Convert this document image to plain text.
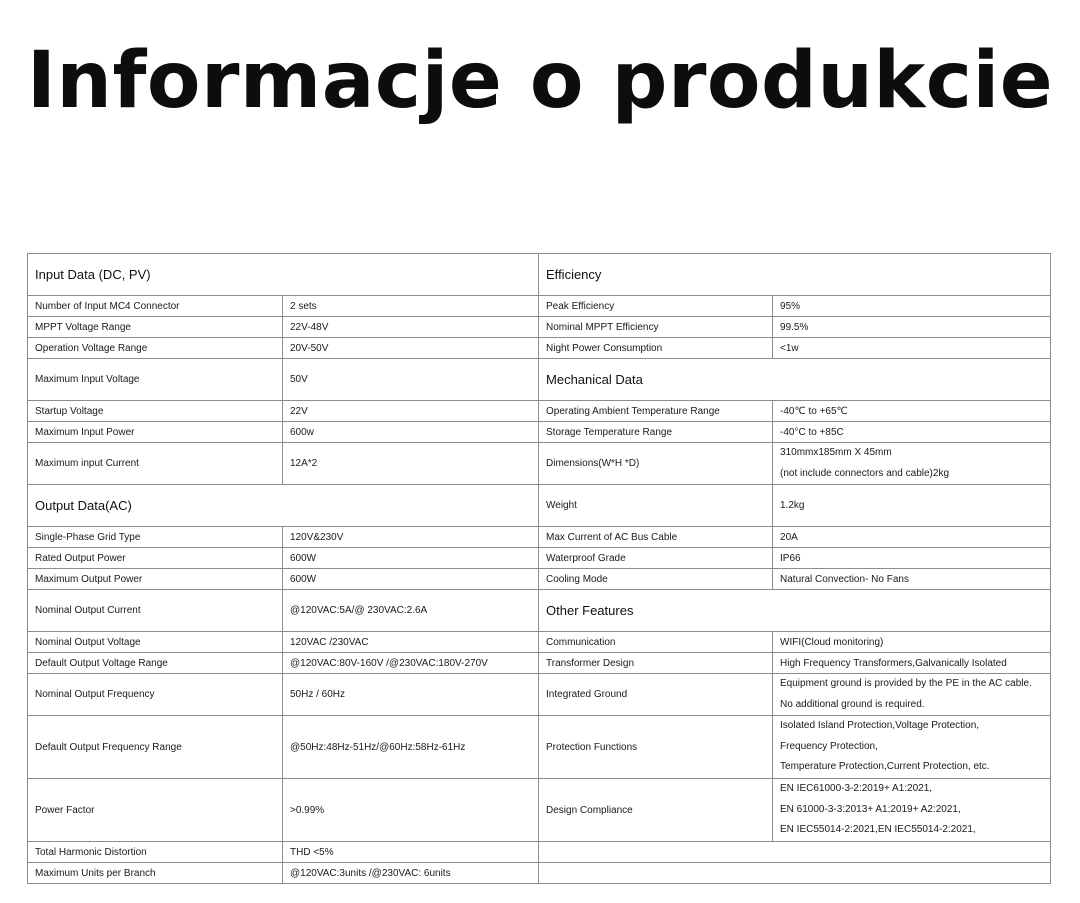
Informacje o produkcie
Input Data (DC, PV)		Efficiency	
Number of Input MC4 Connector	2 sets	Peak Efficiency	95%
MPPT Voltage Range	22V-48V	Nominal MPPT Efficiency	99.5%
Operation Voltage Range	20V-50V	Night Power Consumption	<1w
Maximum Input Voltage	50V	Mechanical Data	
Startup Voltage	22V	Operating Ambient Temperature Range	-40℃ to +65℃
Maximum Input Power	600w	Storage Temperature Range	-40°C to +85C
Maximum input Current	12A*2	Dimensions(W*H *D)	310mmx185mm X 45mm
(not include connectors and cable)2kg

Output Data(AC)		Weight	1.2kg
Single-Phase Grid Type	120V&230V	Max Current of AC Bus Cable	20A
Rated Output Power	600W	Waterproof Grade	IP66
Maximum Output Power	600W	Cooling Mode	Natural Convection- No Fans
Nominal Output Current	@120VAC:5A/@ 230VAC:2.6A	Other Features	
Nominal Output Voltage	120VAC /230VAC	Communication	WIFI(Cloud monitoring)
Default Output Voltage Range	@120VAC:80V-160V /@230VAC:180V-270V	Transformer Design	High Frequency Transformers,Galvanically Isolated
Nominal Output Frequency	50Hz / 60Hz	Integrated Ground	Equipment ground is provided by the PE in the AC cable.
No additional ground is required.

Default Output Frequency Range	@50Hz:48Hz-51Hz/@60Hz:58Hz-61Hz	Protection Functions	Isolated Island Protection,Voltage Protection,
Frequency Protection,
Temperature Protection,Current Protection, etc.

Power Factor	>0.99%	Design Compliance	EN IEC61000-3-2:2019+ A1:2021,
EN 61000-3-3:2013+ A1:2019+ A2:2021,
EN IEC55014-2:2021,EN IEC55014-2:2021,

Total Harmonic Distortion	THD <5%		
Maximum Units per Branch	@120VAC:3units /@230VAC: 6units		
